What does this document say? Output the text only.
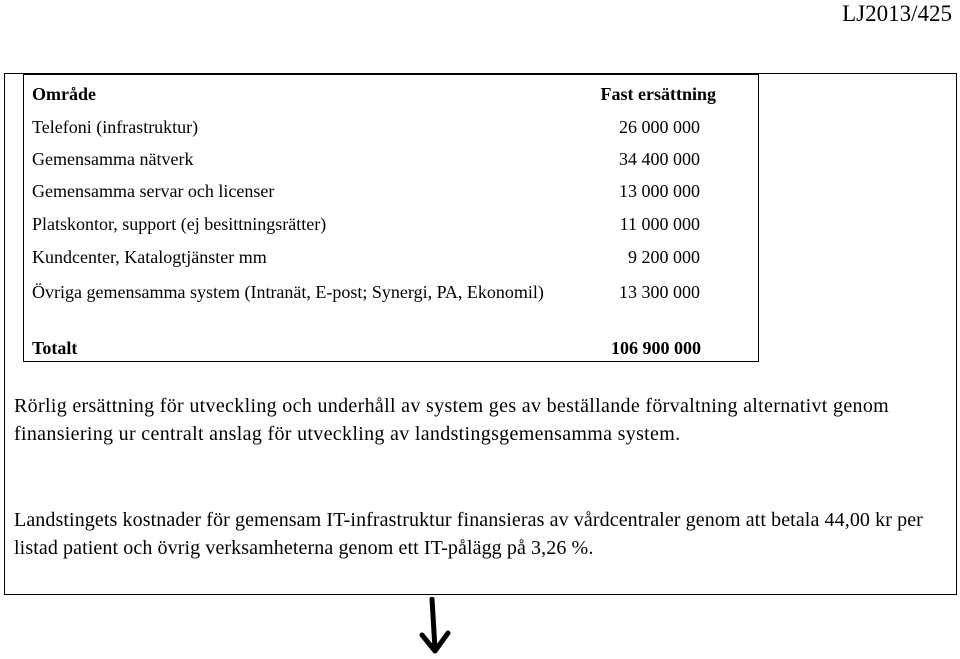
LJ2013/425
Område	Fast ersättning
Telefoni (infrastruktur)	26 000 000
Gemensamma nätverk	34 400 000
Gemensamma servar och licenser	13 000 000
Platskontor, support (ej besittningsrätter)	11 000 000
Kundcenter, Katalogtjänster mm	9 200 000
Övriga gemensamma system (Intranät, E-post; Synergi, PA, Ekonomil)	13 300 000
Totalt	106 900 000

Rörlig ersättning för utveckling och underhåll av system ges av beställande förvaltning alternativt genom finansiering ur centralt anslag för utveckling av landstingsgemensamma system.

Landstingets kostnader för gemensam IT-infrastruktur finansieras av vårdcentraler genom att betala 44,00 kr per listad patient och övrig verksamheterna genom ett IT-pålägg på 3,26 %.
